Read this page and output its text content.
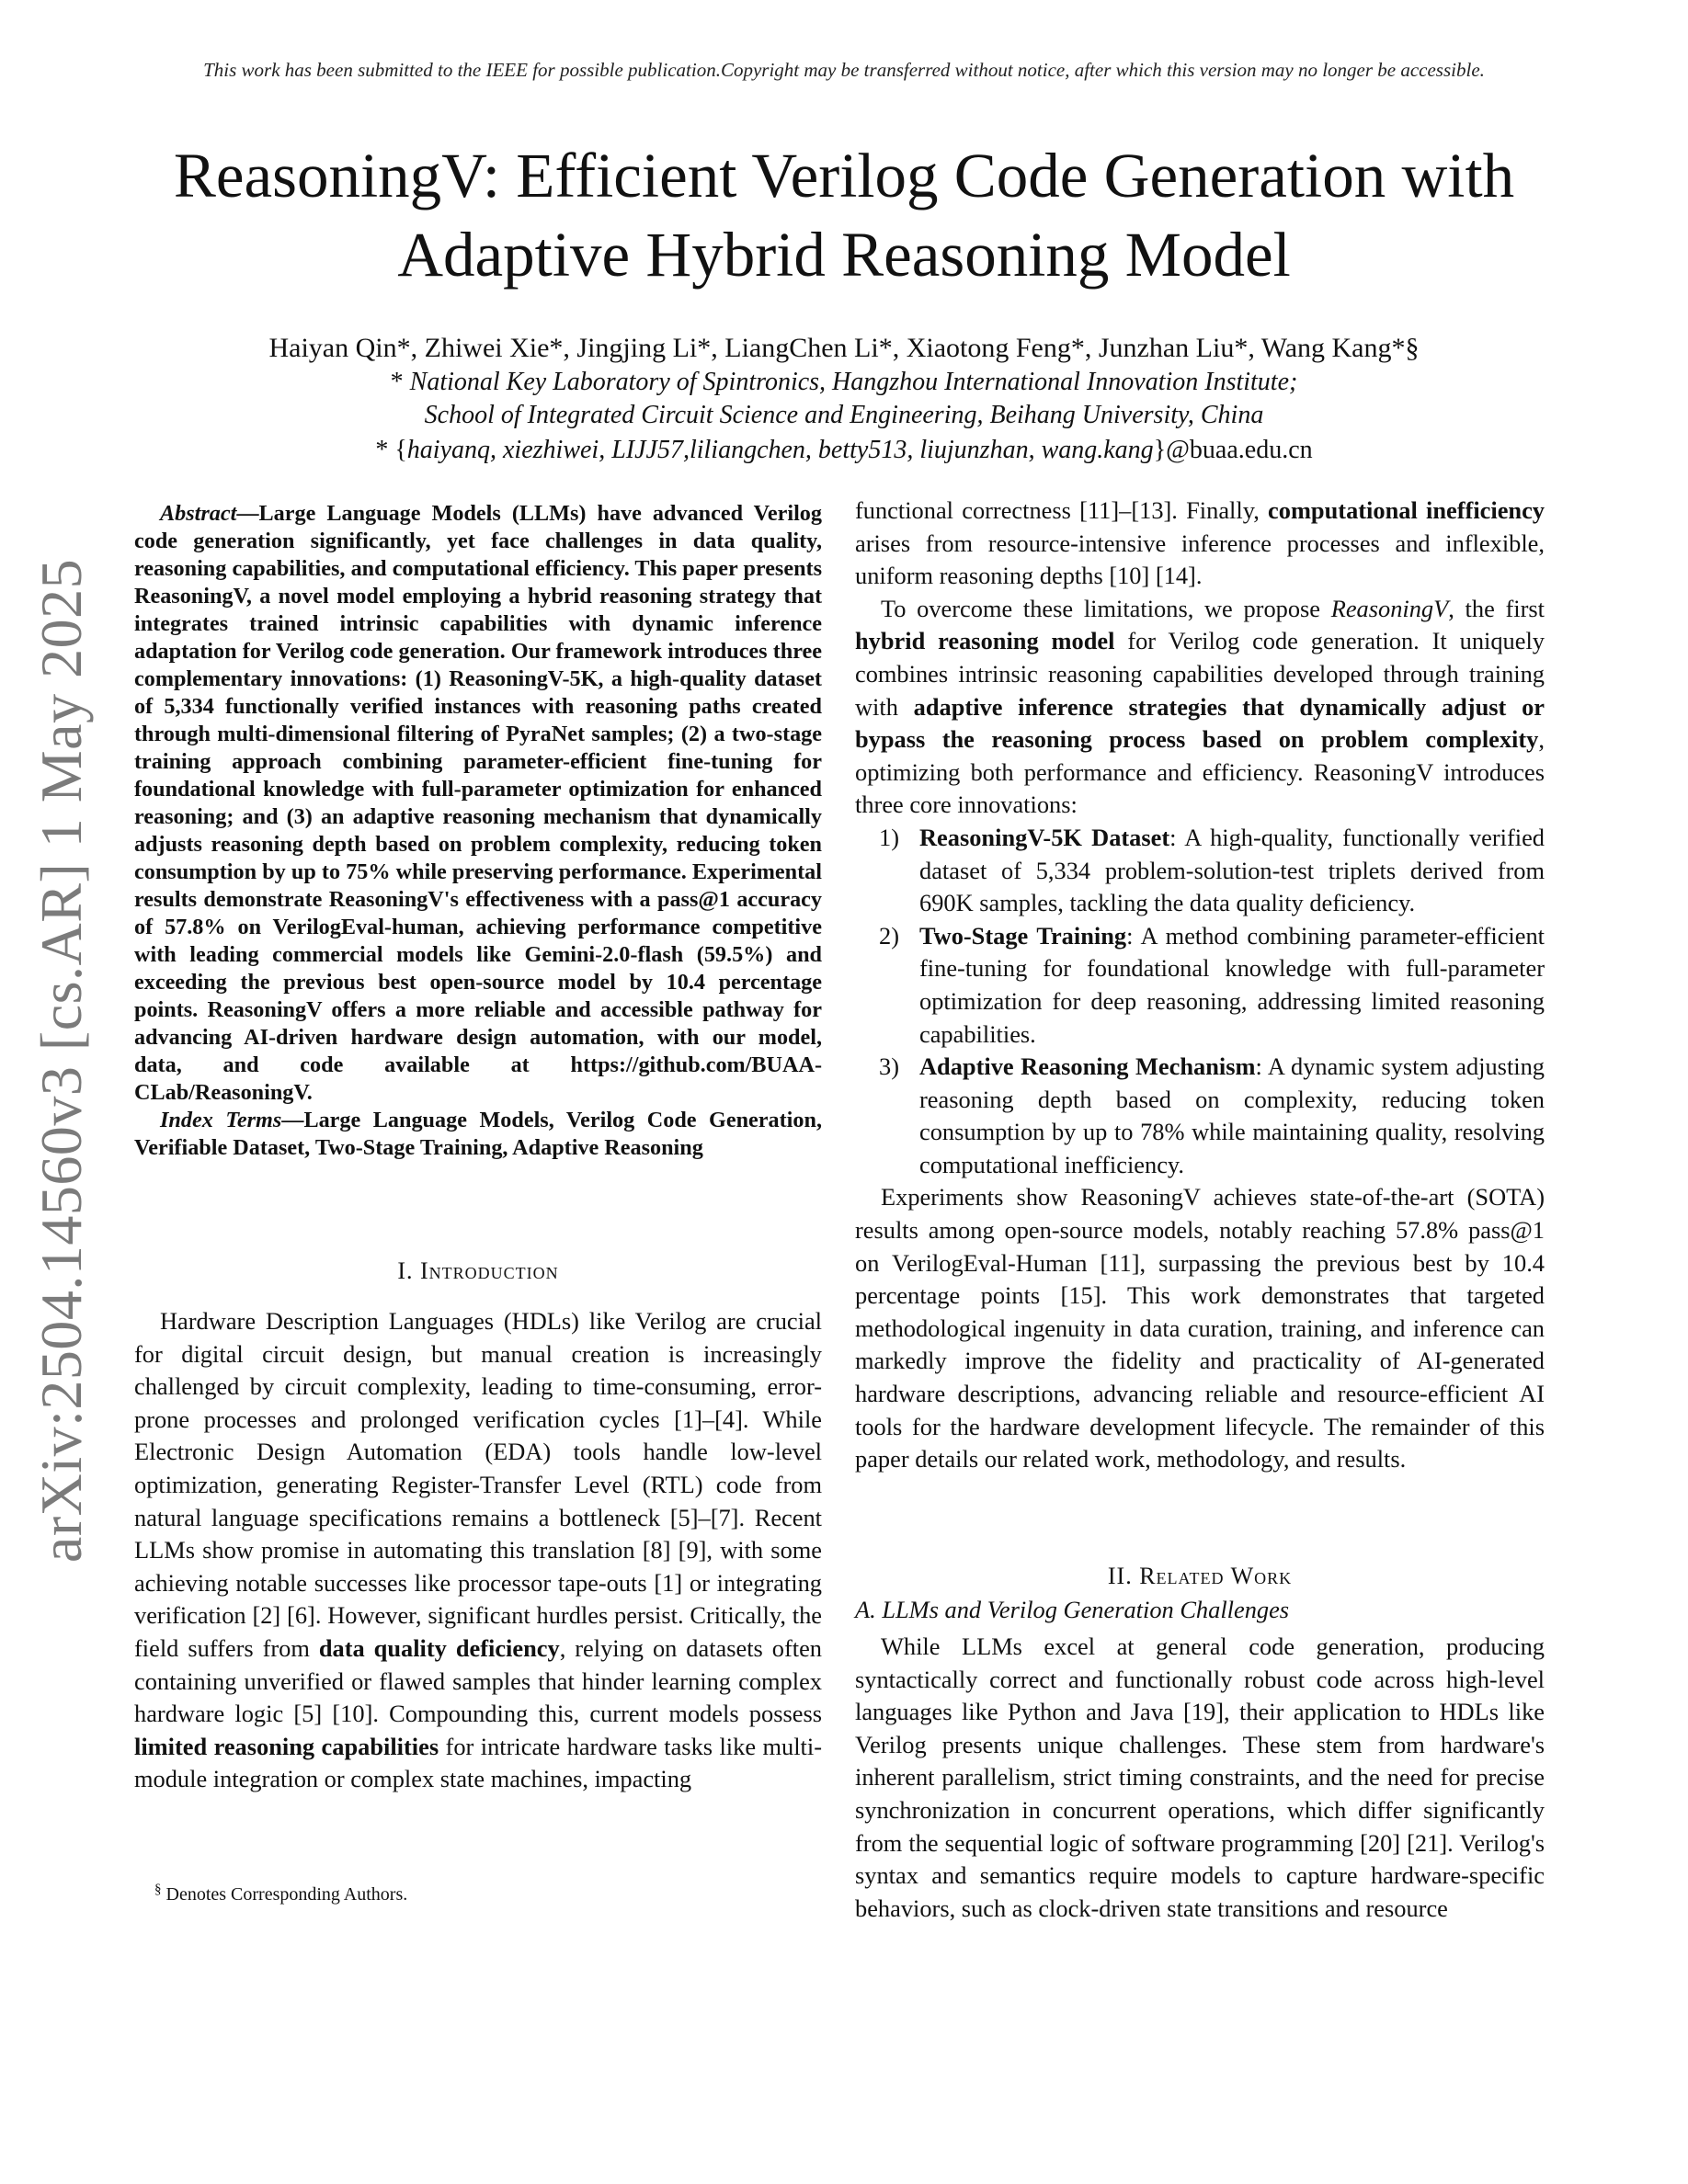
This work has been submitted to the IEEE for possible publication.Copyright may be transferred without notice, after which this version may no longer be accessible.
arXiv:2504.14560v3 [cs.AR] 1 May 2025
ReasoningV: Efficient Verilog Code Generation with
Adaptive Hybrid Reasoning Model
Haiyan Qin*, Zhiwei Xie*, Jingjing Li*, LiangChen Li*, Xiaotong Feng*, Junzhan Liu*, Wang Kang*§
* National Key Laboratory of Spintronics, Hangzhou International Innovation Institute;
School of Integrated Circuit Science and Engineering, Beihang University, China
* {haiyanq, xiezhiwei, LIJJ57,liliangchen, betty513, liujunzhan, wang.kang}@buaa.edu.cn

Abstract—Large Language Models (LLMs) have advanced Verilog code generation significantly, yet face challenges in data quality, reasoning capabilities, and computational efficiency. This paper presents ReasoningV, a novel model employing a hybrid reasoning strategy that integrates trained intrinsic capabilities with dynamic inference adaptation for Verilog code generation. Our framework introduces three complementary innovations: (1) ReasoningV-5K, a high-quality dataset of 5,334 functionally verified instances with reasoning paths created through multi-dimensional filtering of PyraNet samples; (2) a two-stage training approach combining parameter-efficient fine-tuning for foundational knowledge with full-parameter optimization for enhanced reasoning; and (3) an adaptive reasoning mechanism that dynamically adjusts reasoning depth based on problem complexity, reducing token consumption by up to 75% while preserving performance. Experimental results demonstrate ReasoningV's effectiveness with a pass@1 accuracy of 57.8% on VerilogEval-human, achieving performance competitive with leading commercial models like Gemini-2.0-flash (59.5%) and exceeding the previous best open-source model by 10.4 percentage points. ReasoningV offers a more reliable and accessible pathway for advancing AI-driven hardware design automation, with our model, data, and code available at https://github.com/BUAA-CLab/ReasoningV.

Index Terms—Large Language Models, Verilog Code Generation, Verifiable Dataset, Two-Stage Training, Adaptive Reasoning

I. Introduction

Hardware Description Languages (HDLs) like Verilog are crucial for digital circuit design, but manual creation is increasingly challenged by circuit complexity, leading to time-consuming, error-prone processes and prolonged verification cycles [1]–[4]. While Electronic Design Automation (EDA) tools handle low-level optimization, generating Register-Transfer Level (RTL) code from natural language specifications remains a bottleneck [5]–[7]. Recent LLMs show promise in automating this translation [8] [9], with some achieving notable successes like processor tape-outs [1] or integrating verification [2] [6]. However, significant hurdles persist. Critically, the field suffers from data quality deficiency, relying on datasets often containing unverified or flawed samples that hinder learning complex hardware logic [5] [10]. Compounding this, current models possess limited reasoning capabilities for intricate hardware tasks like multi-module integration or complex state machines, impacting

§ Denotes Corresponding Authors.

functional correctness [11]–[13]. Finally, computational inefficiency arises from resource-intensive inference processes and inflexible, uniform reasoning depths [10] [14].

To overcome these limitations, we propose ReasoningV, the first hybrid reasoning model for Verilog code generation. It uniquely combines intrinsic reasoning capabilities developed through training with adaptive inference strategies that dynamically adjust or bypass the reasoning process based on problem complexity, optimizing both performance and efficiency. ReasoningV introduces three core innovations:

1) ReasoningV-5K Dataset: A high-quality, functionally verified dataset of 5,334 problem-solution-test triplets derived from 690K samples, tackling the data quality deficiency.
2) Two-Stage Training: A method combining parameter-efficient fine-tuning for foundational knowledge with full-parameter optimization for deep reasoning, addressing limited reasoning capabilities.
3) Adaptive Reasoning Mechanism: A dynamic system adjusting reasoning depth based on complexity, reducing token consumption by up to 78% while maintaining quality, resolving computational inefficiency.

Experiments show ReasoningV achieves state-of-the-art (SOTA) results among open-source models, notably reaching 57.8% pass@1 on VerilogEval-Human [11], surpassing the previous best by 10.4 percentage points [15]. This work demonstrates that targeted methodological ingenuity in data curation, training, and inference can markedly improve the fidelity and practicality of AI-generated hardware descriptions, advancing reliable and resource-efficient AI tools for the hardware development lifecycle. The remainder of this paper details our related work, methodology, and results.

II. Related Work
A. LLMs and Verilog Generation Challenges

While LLMs excel at general code generation, producing syntactically correct and functionally robust code across high-level languages like Python and Java [19], their application to HDLs like Verilog presents unique challenges. These stem from hardware's inherent parallelism, strict timing constraints, and the need for precise synchronization in concurrent operations, which differ significantly from the sequential logic of software programming [20] [21]. Verilog's syntax and semantics require models to capture hardware-specific behaviors, such as clock-driven state transitions and resource
